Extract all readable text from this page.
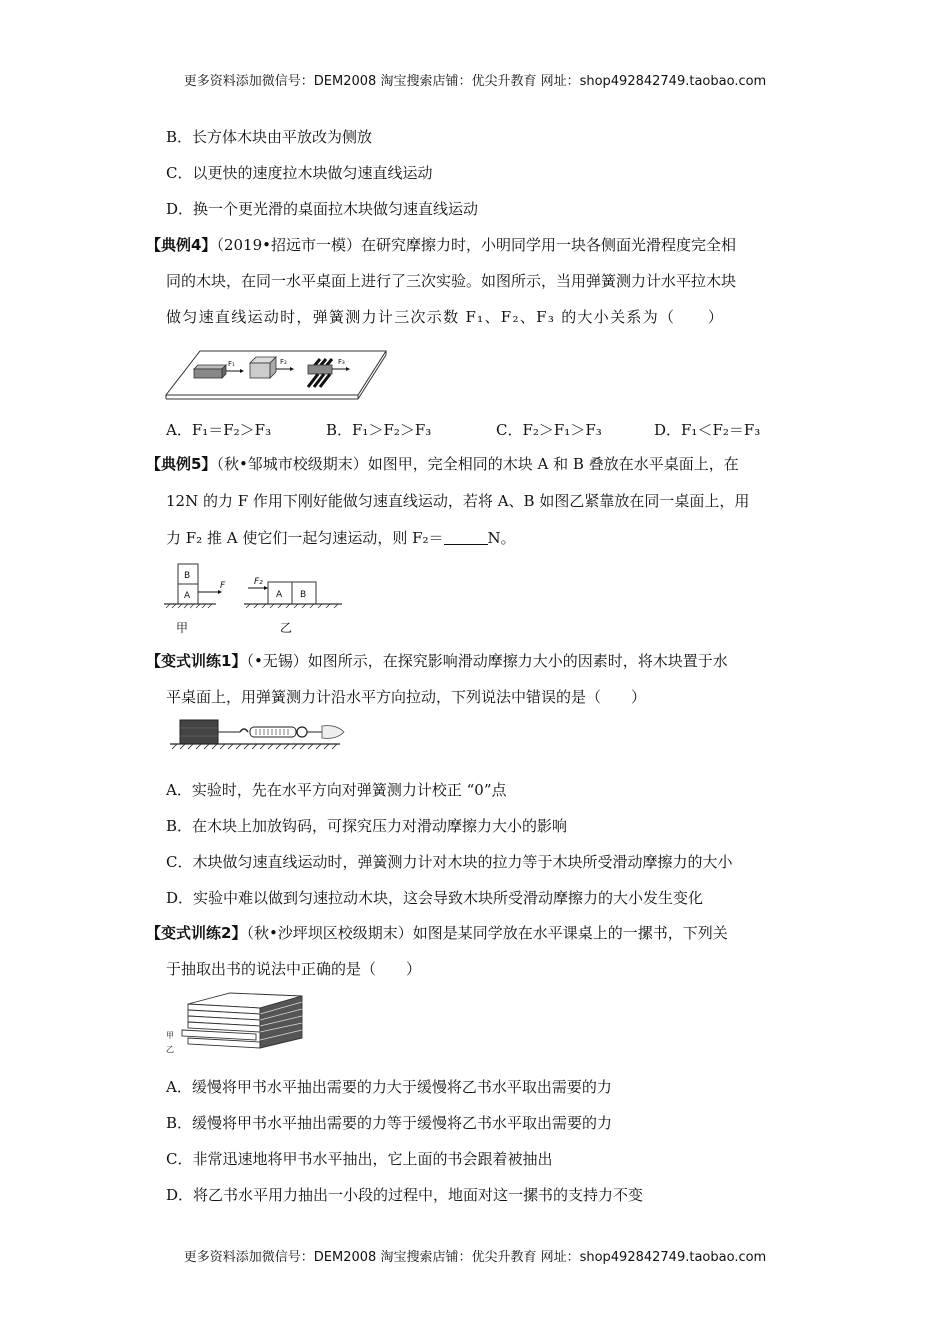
更多资料添加微信号：DEM2008 淘宝搜索店铺：优尖升教育 网址：shop492842749.taobao.com
B．长方体木块由平放改为侧放
C．以更快的速度拉木块做匀速直线运动
D．换一个更光滑的桌面拉木块做匀速直线运动
【典例4】（2019•招远市一模）在研究摩擦力时，小明同学用一块各侧面光滑程度完全相
同的木块，在同一水平桌面上进行了三次实验。如图所示，当用弹簧测力计水平拉木块
做匀速直线运动时，弹簧测力计三次示数 F₁、F₂、F₃ 的大小关系为（　　）
F₁	F₂	F₃
A．F₁＝F₂＞F₃	B．F₁＞F₂＞F₃	C．F₂＞F₁＞F₃	D．F₁＜F₂＝F₃
【典例5】（秋•邹城市校级期末）如图甲，完全相同的木块 A 和 B 叠放在水平桌面上，在
12N 的力 F 作用下刚好能做匀速直线运动，若将 A、B 如图乙紧靠放在同一桌面上，用
力 F₂ 推 A 使它们一起匀速运动，则 F₂＝	N。
B
A
F
甲
F₂
A B
乙
【变式训练1】（•无锡）如图所示，在探究影响滑动摩擦力大小的因素时，将木块置于水
平桌面上，用弹簧测力计沿水平方向拉动，下列说法中错误的是（　　）
A．实验时，先在水平方向对弹簧测力计校正 “0”点
B．在木块上加放钩码，可探究压力对滑动摩擦力大小的影响
C．木块做匀速直线运动时，弹簧测力计对木块的拉力等于木块所受滑动摩擦力的大小
D．实验中难以做到匀速拉动木块，这会导致木块所受滑动摩擦力的大小发生变化
【变式训练2】（秋•沙坪坝区校级期末）如图是某同学放在水平课桌上的一摞书，下列关
于抽取出书的说法中正确的是（　　）
甲
乙
A．缓慢将甲书水平抽出需要的力大于缓慢将乙书水平取出需要的力
B．缓慢将甲书水平抽出需要的力等于缓慢将乙书水平取出需要的力
C．非常迅速地将甲书水平抽出，它上面的书会跟着被抽出
D．将乙书水平用力抽出一小段的过程中，地面对这一摞书的支持力不变
更多资料添加微信号：DEM2008 淘宝搜索店铺：优尖升教育 网址：shop492842749.taobao.com
